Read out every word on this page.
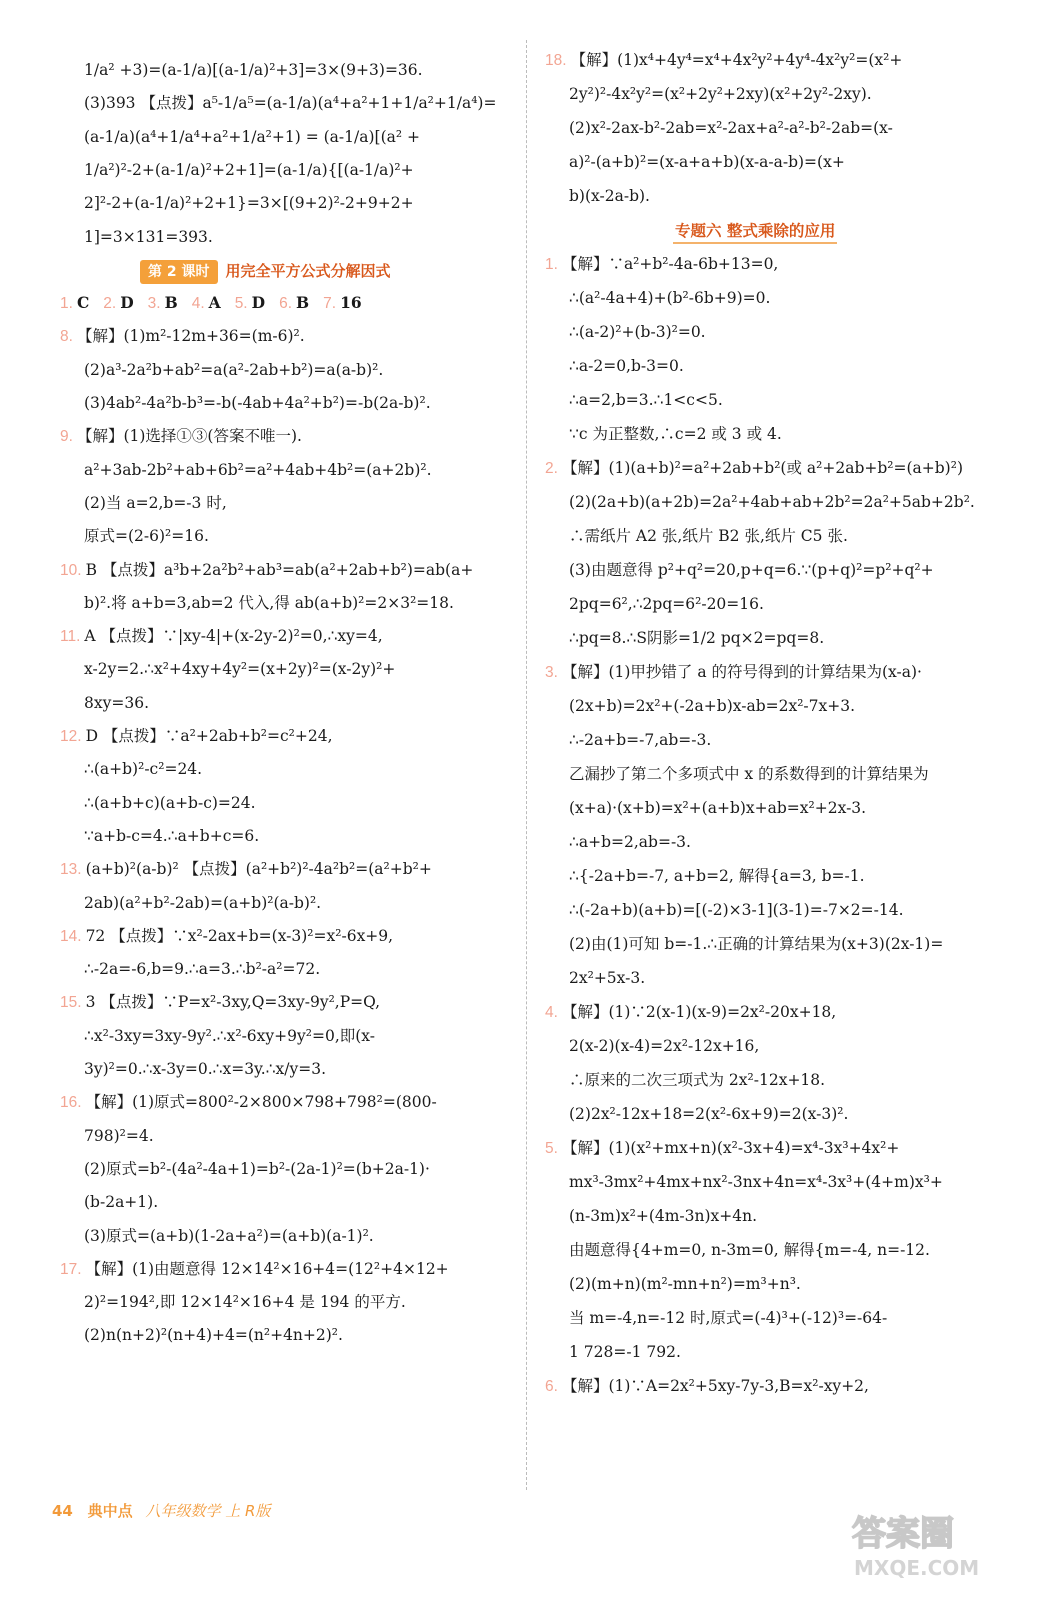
1/a² +3)=(a-1/a)[(a-1/a)²+3]=3×(9+3)=36.
(3)393 【点拨】a⁵-1/a⁵=(a-1/a)(a⁴+a²+1+1/a²+1/a⁴)=
(a-1/a)(a⁴+1/a⁴+a²+1/a²+1) = (a-1/a)[(a² +
1/a²)²-2+(a-1/a)²+2+1]=(a-1/a){[(a-1/a)²+
2]²-2+(a-1/a)²+2+1}=3×[(9+2)²-2+9+2+
1]=3×131=393.
第 2 课时 用完全平方公式分解因式
1. C 2. D 3. B 4. A 5. D 6. B 7. 16
8. 【解】(1)m²-12m+36=(m-6)².
(2)a³-2a²b+ab²=a(a²-2ab+b²)=a(a-b)².
(3)4ab²-4a²b-b³=-b(-4ab+4a²+b²)=-b(2a-b)².
9. 【解】(1)选择①③(答案不唯一).
a²+3ab-2b²+ab+6b²=a²+4ab+4b²=(a+2b)².
(2)当 a=2,b=-3 时,
原式=(2-6)²=16.
10. B 【点拨】a³b+2a²b²+ab³=ab(a²+2ab+b²)=ab(a+
b)².将 a+b=3,ab=2 代入,得 ab(a+b)²=2×3²=18.
11. A 【点拨】∵|xy-4|+(x-2y-2)²=0,∴xy=4,
x-2y=2.∴x²+4xy+4y²=(x+2y)²=(x-2y)²+
8xy=36.
12. D 【点拨】∵a²+2ab+b²=c²+24,
∴(a+b)²-c²=24.
∴(a+b+c)(a+b-c)=24.
∵a+b-c=4.∴a+b+c=6.
13. (a+b)²(a-b)² 【点拨】(a²+b²)²-4a²b²=(a²+b²+
2ab)(a²+b²-2ab)=(a+b)²(a-b)².
14. 72 【点拨】∵x²-2ax+b=(x-3)²=x²-6x+9,
∴-2a=-6,b=9.∴a=3.∴b²-a²=72.
15. 3 【点拨】∵P=x²-3xy,Q=3xy-9y²,P=Q,
∴x²-3xy=3xy-9y².∴x²-6xy+9y²=0,即(x-
3y)²=0.∴x-3y=0.∴x=3y.∴x/y=3.
16. 【解】(1)原式=800²-2×800×798+798²=(800-
798)²=4.
(2)原式=b²-(4a²-4a+1)=b²-(2a-1)²=(b+2a-1)·
(b-2a+1).
(3)原式=(a+b)(1-2a+a²)=(a+b)(a-1)².
17. 【解】(1)由题意得 12×14²×16+4=(12²+4×12+
2)²=194²,即 12×14²×16+4 是 194 的平方.
(2)n(n+2)²(n+4)+4=(n²+4n+2)².
18. 【解】(1)x⁴+4y⁴=x⁴+4x²y²+4y⁴-4x²y²=(x²+
2y²)²-4x²y²=(x²+2y²+2xy)(x²+2y²-2xy).
(2)x²-2ax-b²-2ab=x²-2ax+a²-a²-b²-2ab=(x-
a)²-(a+b)²=(x-a+a+b)(x-a-a-b)=(x+
b)(x-2a-b).
专题六 整式乘除的应用
1. 【解】∵a²+b²-4a-6b+13=0,
∴(a²-4a+4)+(b²-6b+9)=0.
∴(a-2)²+(b-3)²=0.
∴a-2=0,b-3=0.
∴a=2,b=3.∴1<c<5.
∵c 为正整数,∴c=2 或 3 或 4.
2. 【解】(1)(a+b)²=a²+2ab+b²(或 a²+2ab+b²=(a+b)²)
(2)(2a+b)(a+2b)=2a²+4ab+ab+2b²=2a²+5ab+2b².
∴需纸片 A2 张,纸片 B2 张,纸片 C5 张.
(3)由题意得 p²+q²=20,p+q=6.∵(p+q)²=p²+q²+
2pq=6²,∴2pq=6²-20=16.
∴pq=8.∴S阴影=1/2 pq×2=pq=8.
3. 【解】(1)甲抄错了 a 的符号得到的计算结果为(x-a)·
(2x+b)=2x²+(-2a+b)x-ab=2x²-7x+3.
∴-2a+b=-7,ab=-3.
乙漏抄了第二个多项式中 x 的系数得到的计算结果为
(x+a)·(x+b)=x²+(a+b)x+ab=x²+2x-3.
∴a+b=2,ab=-3.
∴{-2a+b=-7, a+b=2, 解得{a=3, b=-1.
∴(-2a+b)(a+b)=[(-2)×3-1](3-1)=-7×2=-14.
(2)由(1)可知 b=-1.∴正确的计算结果为(x+3)(2x-1)=
2x²+5x-3.
4. 【解】(1)∵2(x-1)(x-9)=2x²-20x+18,
2(x-2)(x-4)=2x²-12x+16,
∴原来的二次三项式为 2x²-12x+18.
(2)2x²-12x+18=2(x²-6x+9)=2(x-3)².
5. 【解】(1)(x²+mx+n)(x²-3x+4)=x⁴-3x³+4x²+
mx³-3mx²+4mx+nx²-3nx+4n=x⁴-3x³+(4+m)x³+
(n-3m)x²+(4m-3n)x+4n.
由题意得{4+m=0, n-3m=0, 解得{m=-4, n=-12.
(2)(m+n)(m²-mn+n²)=m³+n³.
当 m=-4,n=-12 时,原式=(-4)³+(-12)³=-64-
1 728=-1 792.
6. 【解】(1)∵A=2x²+5xy-7y-3,B=x²-xy+2,
44 典中点 八年级数学 上 R版
答案圈
MXQE.COM
